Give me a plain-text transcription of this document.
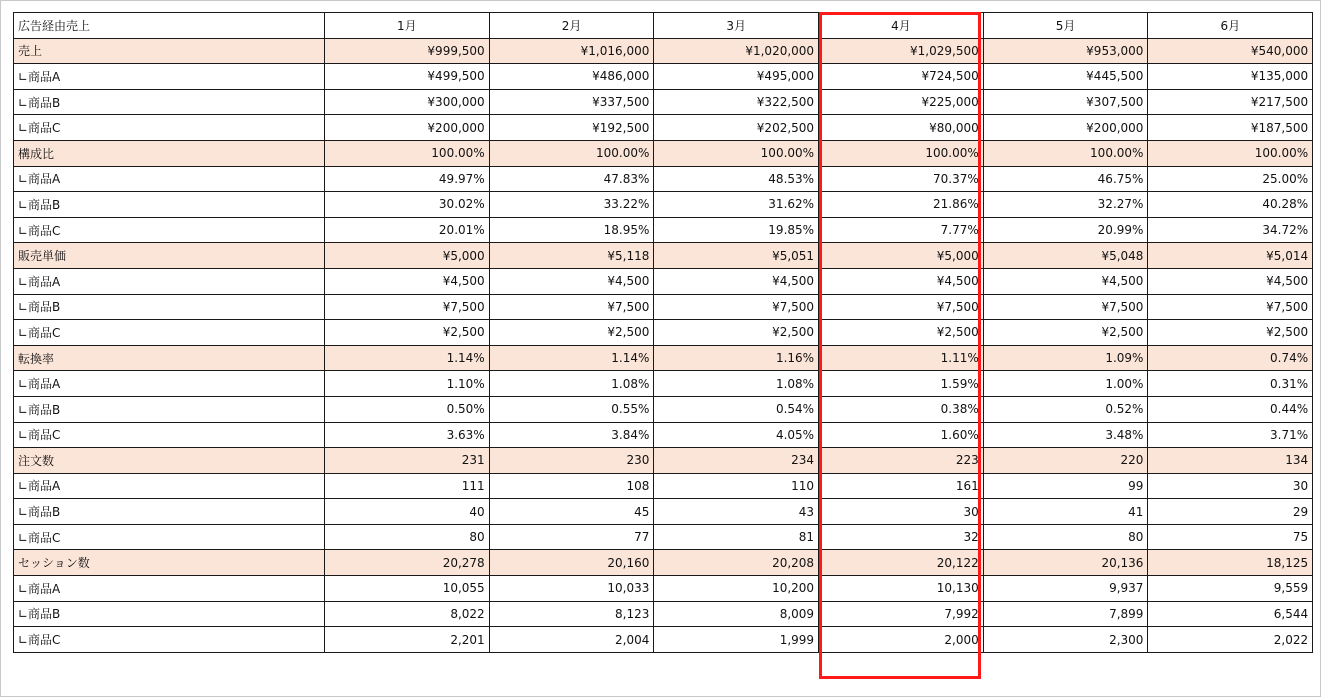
広告経由売上	1月	2月	3月	4月	5月	6月
売上	¥999,500	¥1,016,000	¥1,020,000	¥1,029,500	¥953,000	¥540,000
∟商品A	¥499,500	¥486,000	¥495,000	¥724,500	¥445,500	¥135,000
∟商品B	¥300,000	¥337,500	¥322,500	¥225,000	¥307,500	¥217,500
∟商品C	¥200,000	¥192,500	¥202,500	¥80,000	¥200,000	¥187,500
構成比	100.00%	100.00%	100.00%	100.00%	100.00%	100.00%
∟商品A	49.97%	47.83%	48.53%	70.37%	46.75%	25.00%
∟商品B	30.02%	33.22%	31.62%	21.86%	32.27%	40.28%
∟商品C	20.01%	18.95%	19.85%	7.77%	20.99%	34.72%
販売単価	¥5,000	¥5,118	¥5,051	¥5,000	¥5,048	¥5,014
∟商品A	¥4,500	¥4,500	¥4,500	¥4,500	¥4,500	¥4,500
∟商品B	¥7,500	¥7,500	¥7,500	¥7,500	¥7,500	¥7,500
∟商品C	¥2,500	¥2,500	¥2,500	¥2,500	¥2,500	¥2,500
転換率	1.14%	1.14%	1.16%	1.11%	1.09%	0.74%
∟商品A	1.10%	1.08%	1.08%	1.59%	1.00%	0.31%
∟商品B	0.50%	0.55%	0.54%	0.38%	0.52%	0.44%
∟商品C	3.63%	3.84%	4.05%	1.60%	3.48%	3.71%
注文数	231	230	234	223	220	134
∟商品A	111	108	110	161	99	30
∟商品B	40	45	43	30	41	29
∟商品C	80	77	81	32	80	75
セッション数	20,278	20,160	20,208	20,122	20,136	18,125
∟商品A	10,055	10,033	10,200	10,130	9,937	9,559
∟商品B	8,022	8,123	8,009	7,992	7,899	6,544
∟商品C	2,201	2,004	1,999	2,000	2,300	2,022
